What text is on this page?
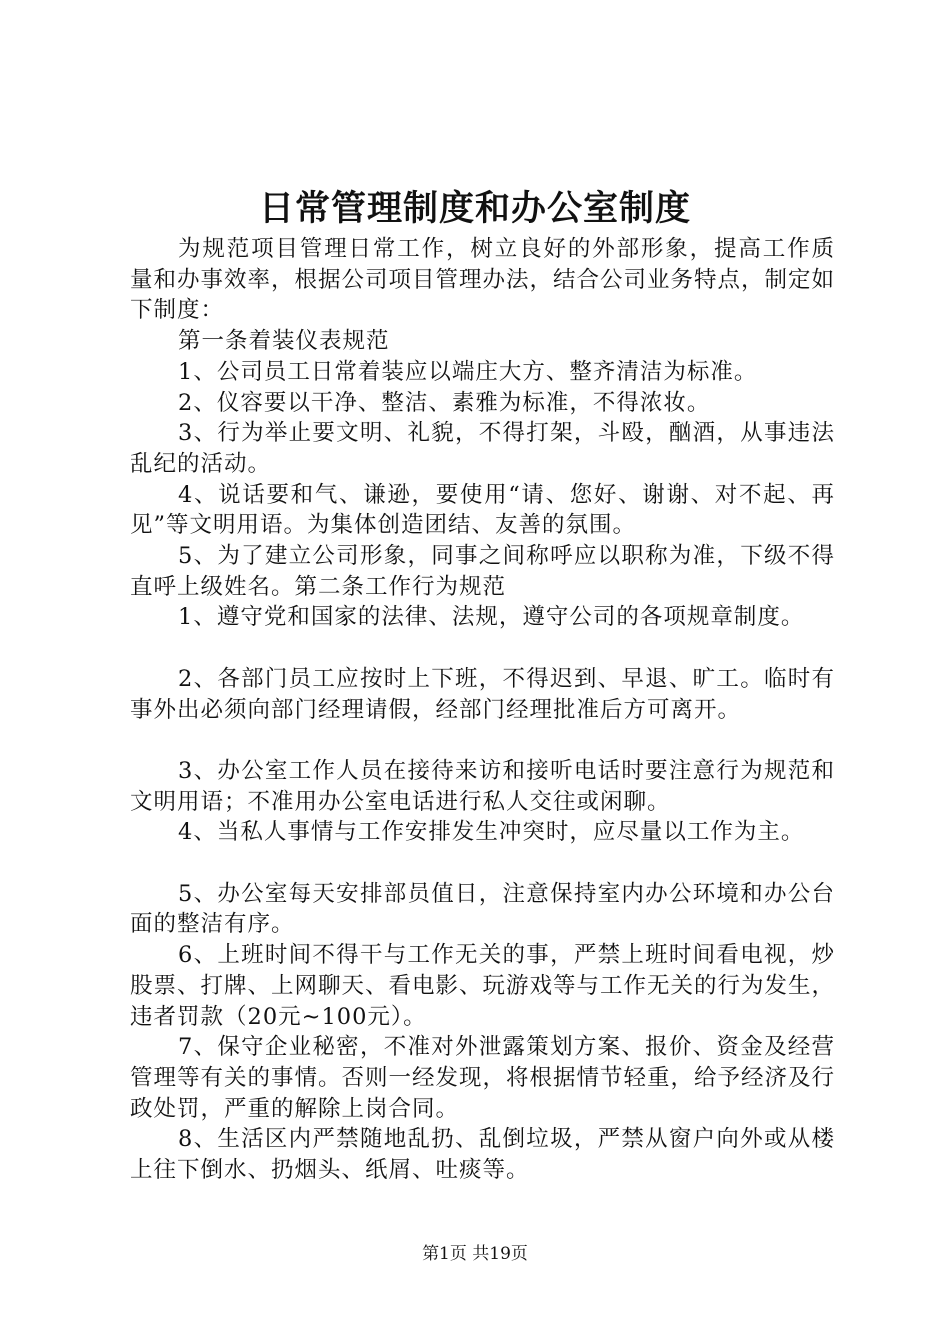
日常管理制度和办公室制度

为规范项目管理日常工作，树立良好的外部形象，提高工作质量和办事效率，根据公司项目管理办法，结合公司业务特点，制定如下制度：

第一条着装仪表规范

1、公司员工日常着装应以端庄大方、整齐清洁为标准。

2、仪容要以干净、整洁、素雅为标准，不得浓妆。

3、行为举止要文明、礼貌，不得打架，斗殴，酗酒，从事违法乱纪的活动。

4、说话要和气、谦逊，要使用“请、您好、谢谢、对不起、再见”等文明用语。为集体创造团结、友善的氛围。

5、为了建立公司形象，同事之间称呼应以职称为准，下级不得直呼上级姓名。第二条工作行为规范

1、遵守党和国家的法律、法规，遵守公司的各项规章制度。

2、各部门员工应按时上下班，不得迟到、早退、旷工。临时有事外出必须向部门经理请假，经部门经理批准后方可离开。

3、办公室工作人员在接待来访和接听电话时要注意行为规范和文明用语；不准用办公室电话进行私人交往或闲聊。

4、当私人事情与工作安排发生冲突时，应尽量以工作为主。

5、办公室每天安排部员值日，注意保持室内办公环境和办公台面的整洁有序。

6、上班时间不得干与工作无关的事，严禁上班时间看电视，炒股票、打牌、上网聊天、看电影、玩游戏等与工作无关的行为发生，违者罚款（20元~100元）。

7、保守企业秘密，不准对外泄露策划方案、报价、资金及经营管理等有关的事情。否则一经发现，将根据情节轻重，给予经济及行政处罚，严重的解除上岗合同。

8、生活区内严禁随地乱扔、乱倒垃圾，严禁从窗户向外或从楼上往下倒水、扔烟头、纸屑、吐痰等。

第1页 共19页
